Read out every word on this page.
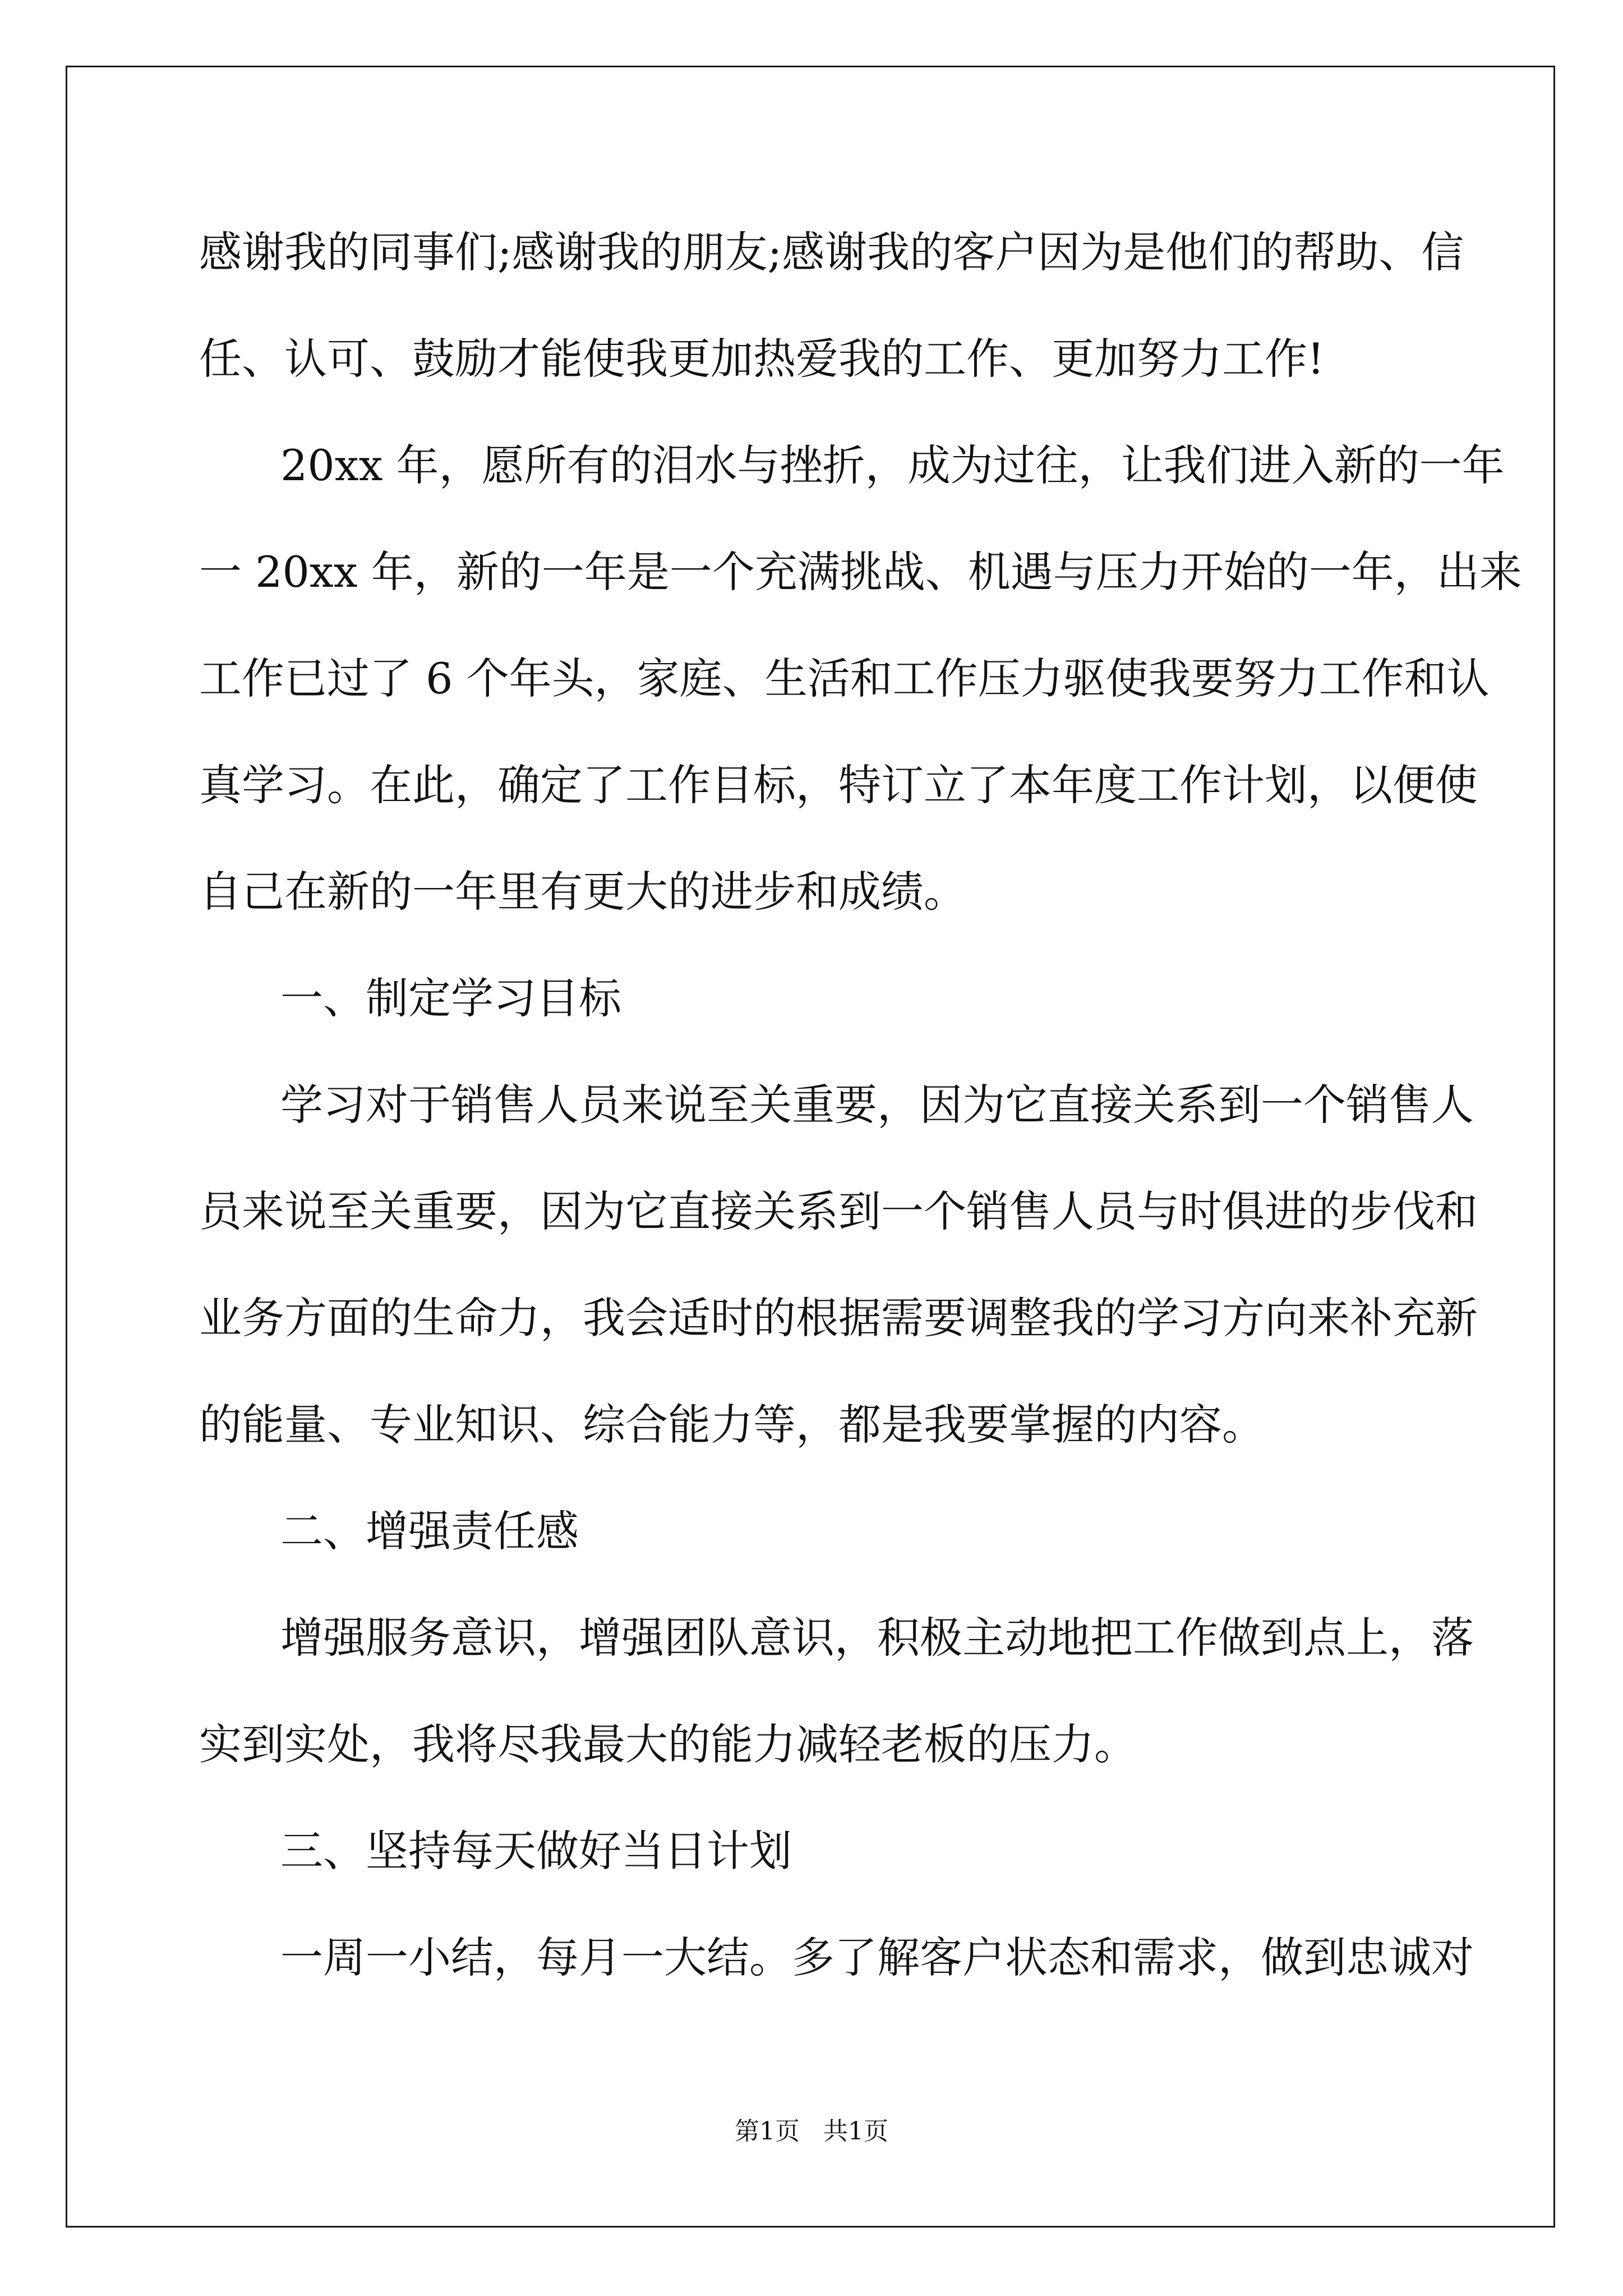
感谢我的同事们;感谢我的朋友;感谢我的客户因为是他们的帮助、信
任、认可、鼓励才能使我更加热爱我的工作、更加努力工作!
20xx 年，愿所有的泪水与挫折，成为过往，让我们进入新的一年
一 20xx 年，新的一年是一个充满挑战、机遇与压力开始的一年，出来
工作已过了 6 个年头，家庭、生活和工作压力驱使我要努力工作和认
真学习。在此，确定了工作目标，特订立了本年度工作计划，以便使
自己在新的一年里有更大的进步和成绩。
一、制定学习目标
学习对于销售人员来说至关重要，因为它直接关系到一个销售人
员来说至关重要，因为它直接关系到一个销售人员与时俱进的步伐和
业务方面的生命力，我会适时的根据需要调整我的学习方向来补充新
的能量、专业知识、综合能力等，都是我要掌握的内容。
二、增强责任感
增强服务意识，增强团队意识，积极主动地把工作做到点上，落
实到实处，我将尽我最大的能力减轻老板的压力。
三、坚持每天做好当日计划
一周一小结，每月一大结。多了解客户状态和需求，做到忠诚对
第1页   共1页
